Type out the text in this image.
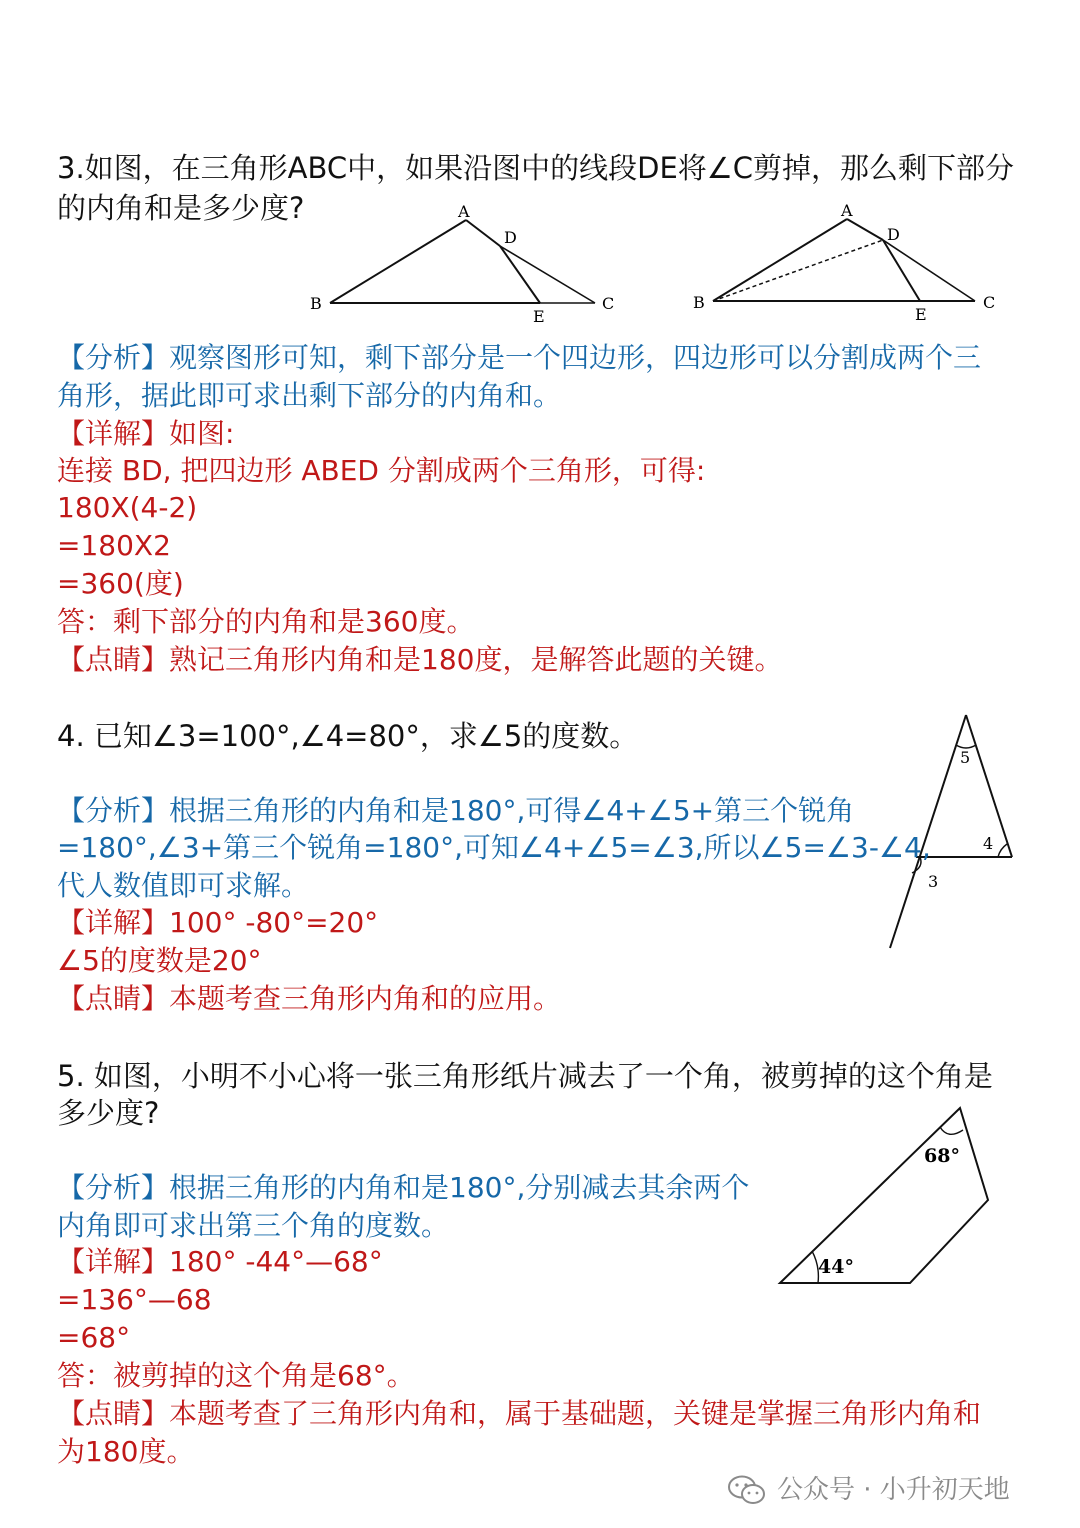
3.如图，在三角形ABC中，如果沿图中的线段DE将∠C剪掉，那么剩下部分
的内角和是多少度?	A
D
B	C
E
A
D
B	C
E
【分析】观察图形可知，剩下部分是一个四边形，四边形可以分割成两个三
角形，据此即可求出剩下部分的内角和。
【详解】如图:
连接 BD, 把四边形 ABED 分割成两个三角形，可得:
180X(4-2)
=180X2
=360(度)
答：剩下部分的内角和是360度。
【点睛】熟记三角形内角和是180度，是解答此题的关键。
4. 已知∠3=100°,∠4=80°，求∠5的度数。
5
4
3
【分析】根据三角形的内角和是180°,可得∠4+∠5+第三个锐角
=180°,∠3+第三个锐角=180°,可知∠4+∠5=∠3,所以∠5=∠3-∠4,
代人数值即可求解。
【详解】100° -80°=20°
∠5的度数是20°
【点睛】本题考查三角形内角和的应用。
5. 如图，小明不小心将一张三角形纸片减去了一个角，被剪掉的这个角是
多少度?
68°
44°
【分析】根据三角形的内角和是180°,分别减去其余两个
内角即可求出第三个角的度数。
【详解】180° -44°—68°
=136°—68
=68°
答：被剪掉的这个角是68°。
【点睛】本题考查了三角形内角和，属于基础题，关键是掌握三角形内角和
为180度。
公众号 · 小升初天地
